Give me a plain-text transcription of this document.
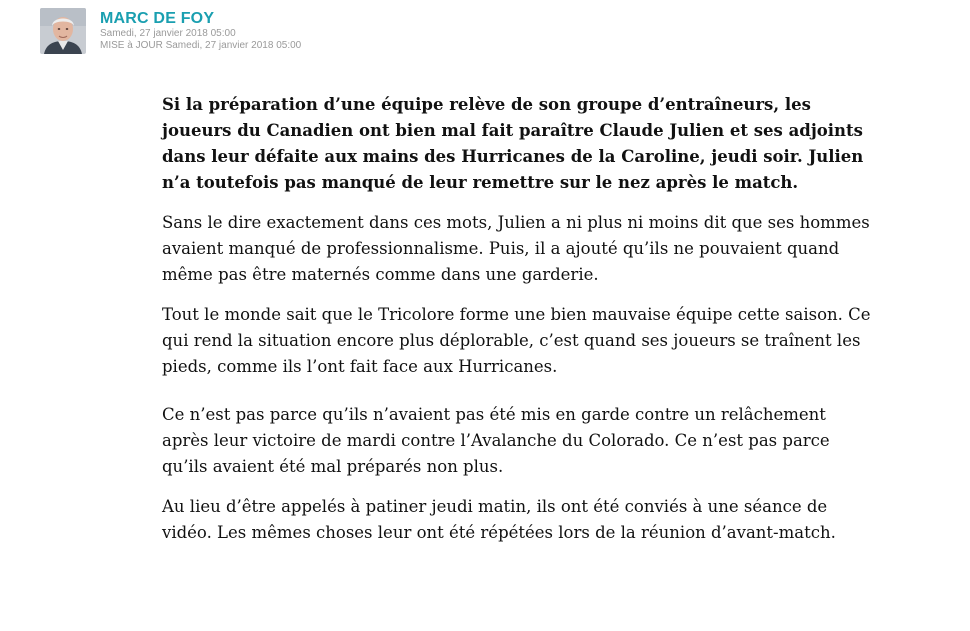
MARC DE FOY
Samedi, 27 janvier 2018 05:00
MISE à JOUR Samedi, 27 janvier 2018 05:00

Si la préparation d’une équipe relève de son groupe d’entraîneurs, les joueurs du Canadien ont bien mal fait paraître Claude Julien et ses adjoints dans leur défaite aux mains des Hurricanes de la Caroline, jeudi soir. Julien n’a toutefois pas manqué de leur remettre sur le nez après le match.

Sans le dire exactement dans ces mots, Julien a ni plus ni moins dit que ses hommes avaient manqué de professionnalisme. Puis, il a ajouté qu’ils ne pouvaient quand même pas être maternés comme dans une garderie.

Tout le monde sait que le Tricolore forme une bien mauvaise équipe cette saison. Ce qui rend la situation encore plus déplorable, c’est quand ses joueurs se traînent les pieds, comme ils l’ont fait face aux Hurricanes.

Ce n’est pas parce qu’ils n’avaient pas été mis en garde contre un relâchement après leur victoire de mardi contre l’Avalanche du Colorado. Ce n’est pas parce qu’ils avaient été mal préparés non plus.

Au lieu d’être appelés à patiner jeudi matin, ils ont été conviés à une séance de vidéo. Les mêmes choses leur ont été répétées lors de la réunion d’avant-match.
